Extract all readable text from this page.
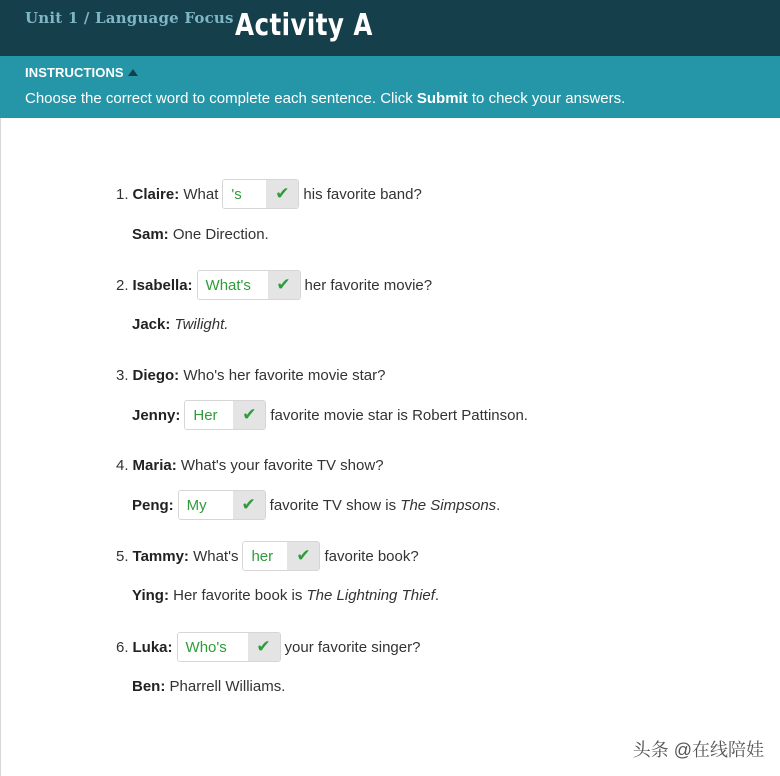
Unit 1 / Language Focus Activity A
INSTRUCTIONS
Choose the correct word to complete each sentence. Click Submit to check your answers.
1. Claire: What 's	✔ his favorite band?
Sam: One Direction.
2. Isabella: What's	✔ her favorite movie?
Jack:
Twilight .
3. Diego: Who's her favorite movie star?
Jenny: Her	✔ favorite movie star is Robert Pattinson.
4. Maria: What's your favorite TV show?
Peng: My	✔ favorite TV show is The Simpsons .
5. Tammy: What's her	✔ favorite book?
Ying: Her favorite book is The Lightning Thief .
6. Luka: Who's	✔ your favorite singer?
Ben: Pharrell Williams.
头条 @在线陪娃
